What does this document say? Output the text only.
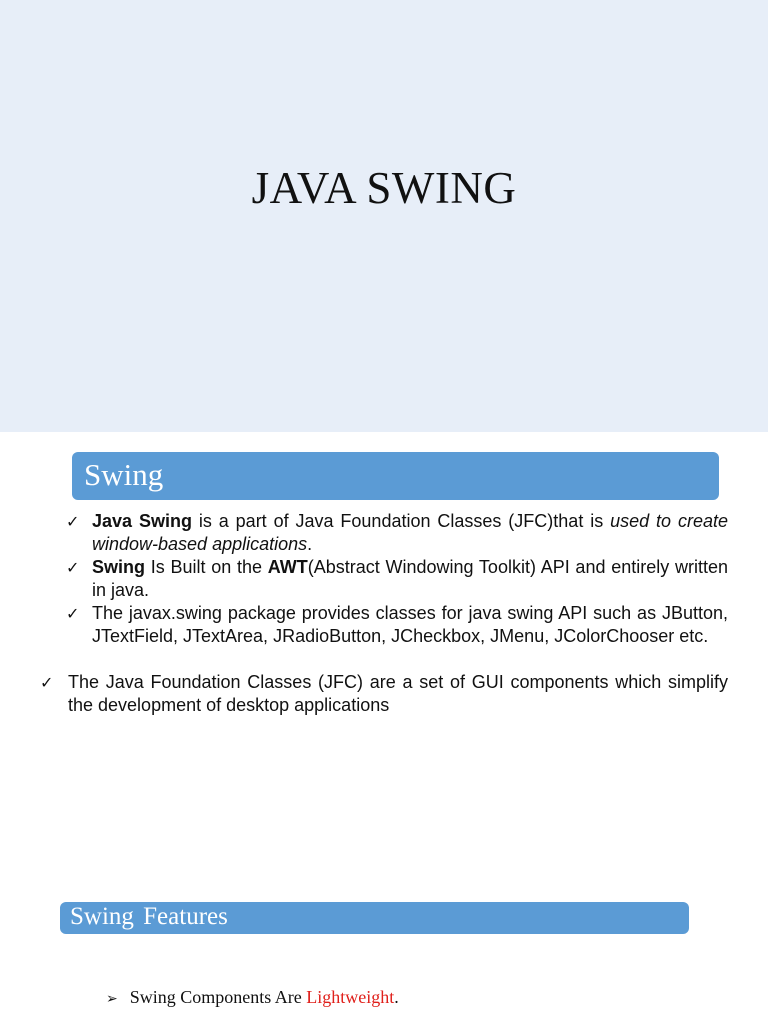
JAVA SWING
Swing
✓ Java Swing is a part of Java Foundation Classes (JFC)that is used to create window-based applications.
✓ Swing Is Built on the AWT(Abstract Windowing Toolkit) API and entirely written in java.
✓ The javax.swing package provides classes for java swing API such as JButton, JTextField, JTextArea, JRadioButton, JCheckbox, JMenu, JColorChooser etc.
✓ The Java Foundation Classes (JFC) are a set of GUI components which simplify the development of desktop applications
Swing Features
➢ Swing Components Are Lightweight.
